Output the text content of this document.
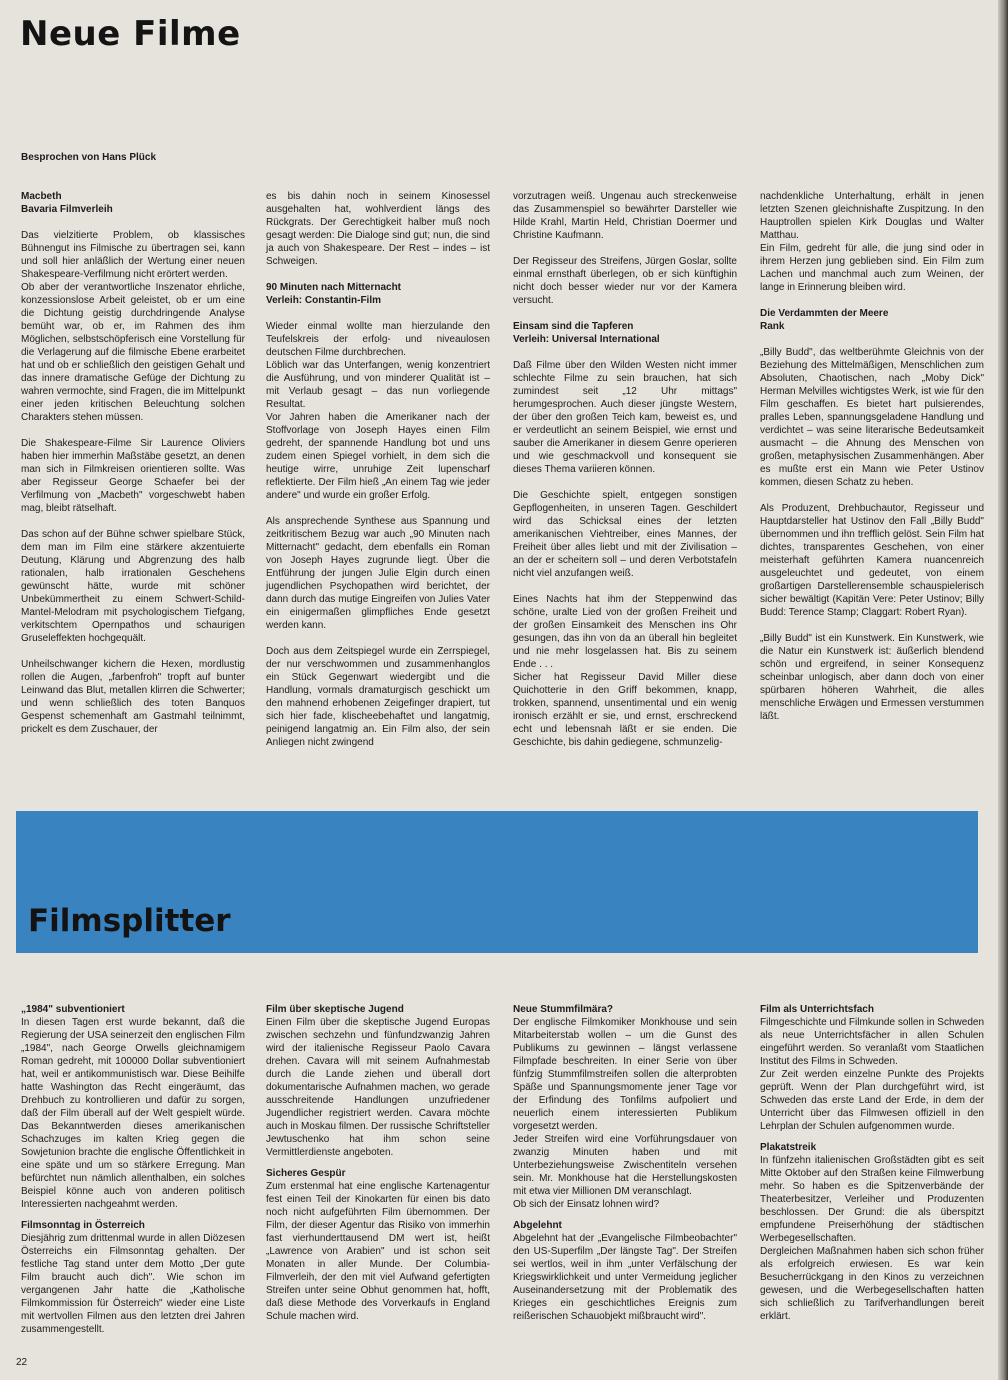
Neue Filme
Besprochen von Hans Plück
Macbeth
Bavaria Filmverleih

Das vielzitierte Problem, ob klassisches Bühnengut ins Filmische zu übertragen sei, kann und soll hier anläßlich der Wertung einer neuen Shakespeare-Verfilmung nicht erörtert werden.
Ob aber der verantwortliche Inszenator ehrliche, konzessionslose Arbeit geleistet, ob er um eine die Dichtung geistig durchdringende Analyse bemüht war, ob er, im Rahmen des ihm Möglichen, selbstschöpferisch eine Vorstellung für die Verlagerung auf die filmische Ebene erarbeitet hat und ob er schließlich den geistigen Gehalt und das innere dramatische Gefüge der Dichtung zu wahren vermochte, sind Fragen, die im Mittelpunkt einer jeden kritischen Beleuchtung solchen Charakters stehen müssen.

Die Shakespeare-Filme Sir Laurence Oliviers haben hier immerhin Maßstäbe gesetzt, an denen man sich in Filmkreisen orientieren sollte. Was aber Regisseur George Schaefer bei der Verfilmung von „Macbeth" vorgeschwebt haben mag, bleibt rätselhaft.

Das schon auf der Bühne schwer spielbare Stück, dem man im Film eine stärkere akzentuierte Deutung, Klärung und Abgrenzung des halb rationalen, halb irrationalen Geschehens gewünscht hätte, wurde mit schöner Unbekümmertheit zu einem Schwert-Schild-Mantel-Melodram mit psychologischem Tiefgang, verkitschtem Opernpathos und schaurigen Gruseleffekten hochgequält.

Unheilschwanger kichern die Hexen, mordlustig rollen die Augen, „farbenfroh" tropft auf bunter Leinwand das Blut, metallen klirren die Schwerter; und wenn schließlich des toten Banquos Gespenst schemenhaft am Gastmahl teilnimmt, prickelt es dem Zuschauer, der

es bis dahin noch in seinem Kinosessel ausgehalten hat, wohlverdient längs des Rückgrats. Der Gerechtigkeit halber muß noch gesagt werden: Die Dialoge sind gut; nun, die sind ja auch von Shakespeare. Der Rest – indes – ist Schweigen.

90 Minuten nach Mitternacht
Verleih: Constantin-Film

Wieder einmal wollte man hierzulande den Teufelskreis der erfolg- und niveaulosen deutschen Filme durchbrechen.
Löblich war das Unterfangen, wenig konzentriert die Ausführung, und von minderer Qualität ist – mit Verlaub gesagt – das nun vorliegende Resultat.
Vor Jahren haben die Amerikaner nach der Stoffvorlage von Joseph Hayes einen Film gedreht, der spannende Handlung bot und uns zudem einen Spiegel vorhielt, in dem sich die heutige wirre, unruhige Zeit lupenscharf reflektierte. Der Film hieß „An einem Tag wie jeder andere" und wurde ein großer Erfolg.

Als ansprechende Synthese aus Spannung und zeitkritischem Bezug war auch „90 Minuten nach Mitternacht" gedacht, dem ebenfalls ein Roman von Joseph Hayes zugrunde liegt. Über die Entführung der jungen Julie Elgin durch einen jugendlichen Psychopathen wird berichtet, der dann durch das mutige Eingreifen von Julies Vater ein einigermaßen glimpfliches Ende gesetzt werden kann.

Doch aus dem Zeitspiegel wurde ein Zerrspiegel, der nur verschwommen und zusammenhanglos ein Stück Gegenwart wiedergibt und die Handlung, vormals dramaturgisch geschickt um den mahnend erhobenen Zeigefinger drapiert, tut sich hier fade, klischeebehaftet und langatmig, peinigend langatmig an. Ein Film also, der sein Anliegen nicht zwingend

vorzutragen weiß. Ungenau auch streckenweise das Zusammenspiel so bewährter Darsteller wie Hilde Krahl, Martin Held, Christian Doermer und Christine Kaufmann.

Der Regisseur des Streifens, Jürgen Goslar, sollte einmal ernsthaft überlegen, ob er sich künftighin nicht doch besser wieder nur vor der Kamera versucht.

Einsam sind die Tapferen
Verleih: Universal International

Daß Filme über den Wilden Westen nicht immer schlechte Filme zu sein brauchen, hat sich zumindest seit „12 Uhr mittags" herumgesprochen. Auch dieser jüngste Western, der über den großen Teich kam, beweist es, und er verdeutlicht an seinem Beispiel, wie ernst und sauber die Amerikaner in diesem Genre operieren und wie geschmackvoll und konsequent sie dieses Thema variieren können.

Die Geschichte spielt, entgegen sonstigen Gepflogenheiten, in unseren Tagen. Geschildert wird das Schicksal eines der letzten amerikanischen Viehtreiber, eines Mannes, der Freiheit über alles liebt und mit der Zivilisation – an der er scheitern soll – und deren Verbotstafeln nicht viel anzufangen weiß.

Eines Nachts hat ihm der Steppenwind das schöne, uralte Lied von der großen Freiheit und der großen Einsamkeit des Menschen ins Ohr gesungen, das ihn von da an überall hin begleitet und nie mehr losgelassen hat. Bis zu seinem Ende . . .
Sicher hat Regisseur David Miller diese Quichotterie in den Griff bekommen, knapp, trokken, spannend, unsentimental und ein wenig ironisch erzählt er sie, und ernst, erschreckend echt und lebensnah läßt er sie enden. Die Geschichte, bis dahin gediegene, schmunzelig-

nachdenkliche Unterhaltung, erhält in jenen letzten Szenen gleichnishafte Zuspitzung. In den Hauptrollen spielen Kirk Douglas und Walter Matthau.
Ein Film, gedreht für alle, die jung sind oder in ihrem Herzen jung geblieben sind. Ein Film zum Lachen und manchmal auch zum Weinen, der lange in Erinnerung bleiben wird.

Die Verdammten der Meere
Rank

„Billy Budd", das weltberühmte Gleichnis von der Beziehung des Mittelmäßigen, Menschlichen zum Absoluten, Chaotischen, nach „Moby Dick" Herman Melvilles wichtigstes Werk, ist wie für den Film geschaffen. Es bietet hart pulsierendes, pralles Leben, spannungsgeladene Handlung und verdichtet – was seine literarische Bedeutsamkeit ausmacht – die Ahnung des Menschen von großen, metaphysischen Zusammenhängen. Aber es mußte erst ein Mann wie Peter Ustinov kommen, diesen Schatz zu heben.

Als Produzent, Drehbuchautor, Regisseur und Hauptdarsteller hat Ustinov den Fall „Billy Budd" übernommen und ihn trefflich gelöst. Sein Film hat dichtes, transparentes Geschehen, von einer meisterhaft geführten Kamera nuancenreich ausgeleuchtet und gedeutet, von einem großartigen Darstellerensemble schauspielerisch sicher bewältigt (Kapitän Vere: Peter Ustinov; Billy Budd: Terence Stamp; Claggart: Robert Ryan).

„Billy Budd" ist ein Kunstwerk. Ein Kunstwerk, wie die Natur ein Kunstwerk ist: äußerlich blendend schön und ergreifend, in seiner Konsequenz scheinbar unlogisch, aber dann doch von einer spürbaren höheren Wahrheit, die alles menschliche Erwägen und Ermessen verstummen läßt.

Filmsplitter
„1984" subventioniert

In diesen Tagen erst wurde bekannt, daß die Regierung der USA seinerzeit den englischen Film „1984", nach George Orwells gleichnamigem Roman gedreht, mit 100000 Dollar subventioniert hat, weil er antikommunistisch war. Diese Beihilfe hatte Washington das Recht eingeräumt, das Drehbuch zu kontrollieren und dafür zu sorgen, daß der Film überall auf der Welt gespielt würde. Das Bekanntwerden dieses amerikanischen Schachzuges im kalten Krieg gegen die Sowjetunion brachte die englische Öffentlichkeit in eine späte und um so stärkere Erregung. Man befürchtet nun nämlich allenthalben, ein solches Beispiel könne auch von anderen politisch Interessierten nachgeahmt werden.

Filmsonntag in Österreich

Diesjährig zum drittenmal wurde in allen Diözesen Österreichs ein Filmsonntag gehalten. Der festliche Tag stand unter dem Motto „Der gute Film braucht auch dich". Wie schon im vergangenen Jahr hatte die „Katholische Filmkommission für Österreich" wieder eine Liste mit wertvollen Filmen aus den letzten drei Jahren zusammengestellt.

Film über skeptische Jugend

Einen Film über die skeptische Jugend Europas zwischen sechzehn und fünfundzwanzig Jahren wird der italienische Regisseur Paolo Cavara drehen. Cavara will mit seinem Aufnahmestab durch die Lande ziehen und überall dort dokumentarische Aufnahmen machen, wo gerade ausschreitende Handlungen unzufriedener Jugendlicher registriert werden. Cavara möchte auch in Moskau filmen. Der russische Schriftsteller Jewtuschenko hat ihm schon seine Vermittlerdienste angeboten.

Sicheres Gespür

Zum erstenmal hat eine englische Kartenagentur fest einen Teil der Kinokarten für einen bis dato noch nicht aufgeführten Film übernommen. Der Film, der dieser Agentur das Risiko von immerhin fast vierhunderttausend DM wert ist, heißt „Lawrence von Arabien" und ist schon seit Monaten in aller Munde. Der Columbia-Filmverleih, der den mit viel Aufwand gefertigten Streifen unter seine Obhut genommen hat, hofft, daß diese Methode des Vorverkaufs in England Schule machen wird.

Neue Stummfilmära?

Der englische Filmkomiker Monkhouse und sein Mitarbeiterstab wollen – um die Gunst des Publikums zu gewinnen – längst verlassene Filmpfade beschreiten. In einer Serie von über fünfzig Stummfilmstreifen sollen die alterprobten Späße und Spannungsmomente jener Tage vor der Erfindung des Tonfilms aufpoliert und neuerlich einem interessierten Publikum vorgesetzt werden.
Jeder Streifen wird eine Vorführungsdauer von zwanzig Minuten haben und mit Unterbeziehungsweise Zwischentiteln versehen sein. Mr. Monkhouse hat die Herstellungskosten mit etwa vier Millionen DM veranschlagt.
Ob sich der Einsatz lohnen wird?

Abgelehnt

Abgelehnt hat der „Evangelische Filmbeobachter" den US-Superfilm „Der längste Tag". Der Streifen sei wertlos, weil in ihm „unter Verfälschung der Kriegswirklichkeit und unter Vermeidung jeglicher Auseinandersetzung mit der Problematik des Krieges ein geschichtliches Ereignis zum reißerischen Schauobjekt mißbraucht wird".

Film als Unterrichtsfach

Filmgeschichte und Filmkunde sollen in Schweden als neue Unterrichtsfächer in allen Schulen eingeführt werden. So veranlaßt vom Staatlichen Institut des Films in Schweden.
Zur Zeit werden einzelne Punkte des Projekts geprüft. Wenn der Plan durchgeführt wird, ist Schweden das erste Land der Erde, in dem der Unterricht über das Filmwesen offiziell in den Lehrplan der Schulen aufgenommen wurde.

Plakatstreik

In fünfzehn italienischen Großstädten gibt es seit Mitte Oktober auf den Straßen keine Filmwerbung mehr. So haben es die Spitzenverbände der Theaterbesitzer, Verleiher und Produzenten beschlossen. Der Grund: die als überspitzt empfundene Preiserhöhung der städtischen Werbegesellschaften.
Dergleichen Maßnahmen haben sich schon früher als erfolgreich erwiesen. Es war kein Besucherrückgang in den Kinos zu verzeichnen gewesen, und die Werbegesellschaften hatten sich schließlich zu Tarifverhandlungen bereit erklärt.

22
